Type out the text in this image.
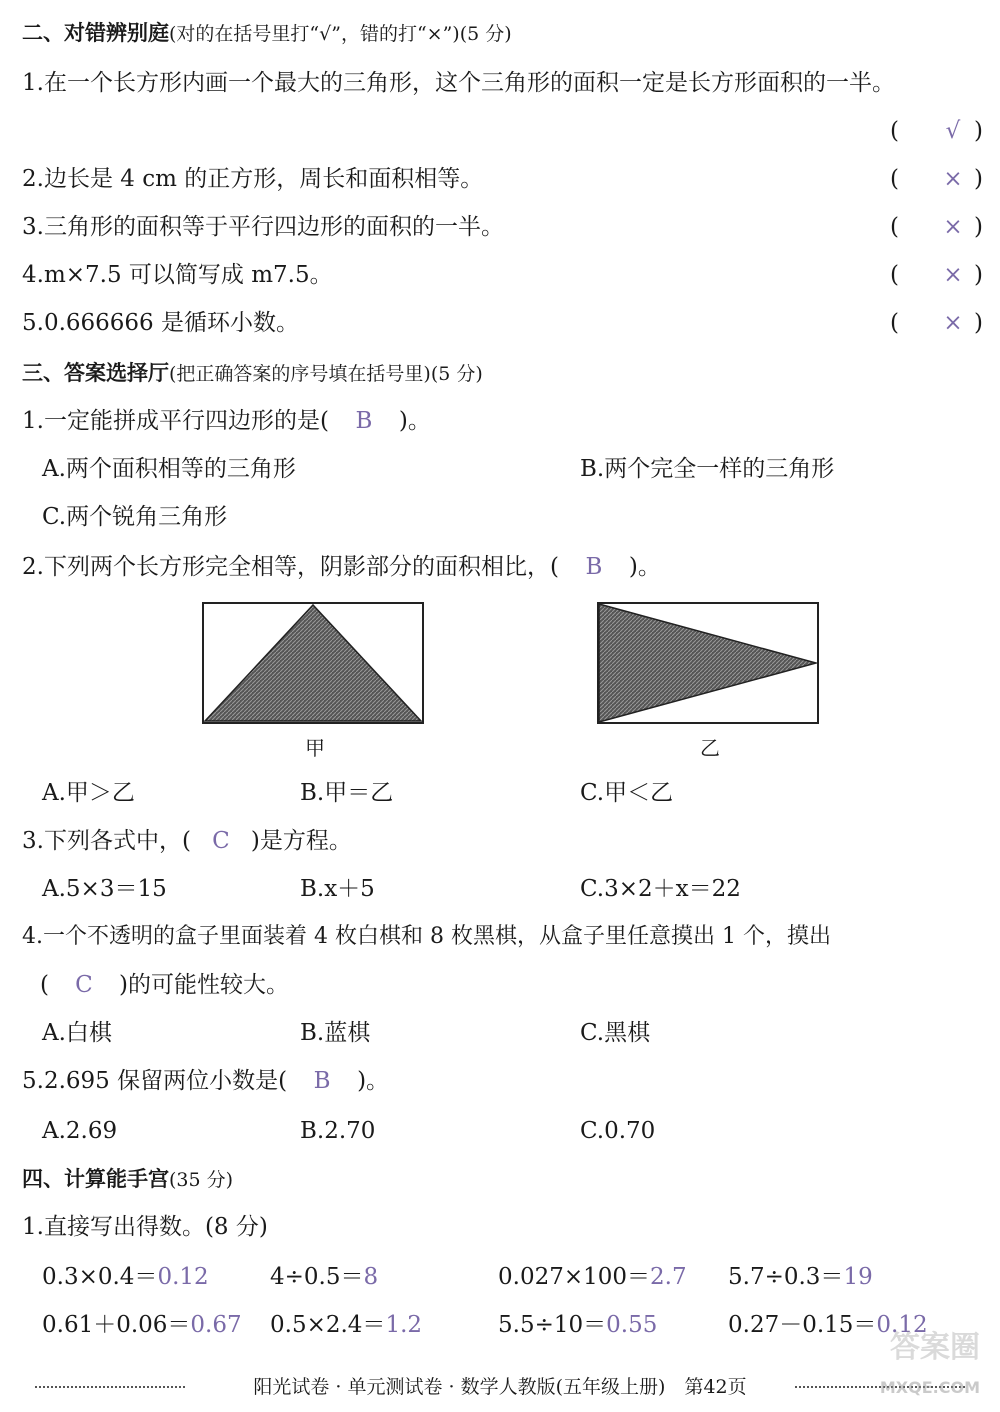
二、对错辨别庭(对的在括号里打“√”，错的打“×”)(5 分)
1.在一个长方形内画一个最大的三角形，这个三角形的面积一定是长方形面积的一半。
( √ )
2.边长是 4 cm 的正方形，周长和面积相等。	( × )
3.三角形的面积等于平行四边形的面积的一半。	( × )
4.m×7.5 可以简写成 m7.5。	( × )
5.0.666666 是循环小数。	( × )
三、答案选择厅(把正确答案的序号填在括号里)(5 分)
1.一定能拼成平行四边形的是( B )。
A.两个面积相等的三角形	B.两个完全一样的三角形
C.两个锐角三角形
2.下列两个长方形完全相等，阴影部分的面积相比，( B )。
甲	乙
A.甲＞乙	B.甲＝乙	C.甲＜乙
3.下列各式中，( C )是方程。
A.5×3＝15	B.x＋5	C.3×2＋x＝22
4.一个不透明的盒子里面装着 4 枚白棋和 8 枚黑棋，从盒子里任意摸出 1 个，摸出
( C )的可能性较大。
A.白棋	B.蓝棋	C.黑棋
5.2.695 保留两位小数是( B )。
A.2.69	B.2.70	C.0.70
四、计算能手宫(35 分)
1.直接写出得数。(8 分)
0.3×0.4＝0.12	4÷0.5＝8	0.027×100＝2.7 5.7÷0.3＝19
0.61＋0.06＝0.67 0.5×2.4＝1.2	5.5÷10＝0.55	0.27－0.15＝0.12
答案圈
阳光试卷 · 单元测试卷 · 数学人教版(五年级上册)　第42页	MXQE.COM
